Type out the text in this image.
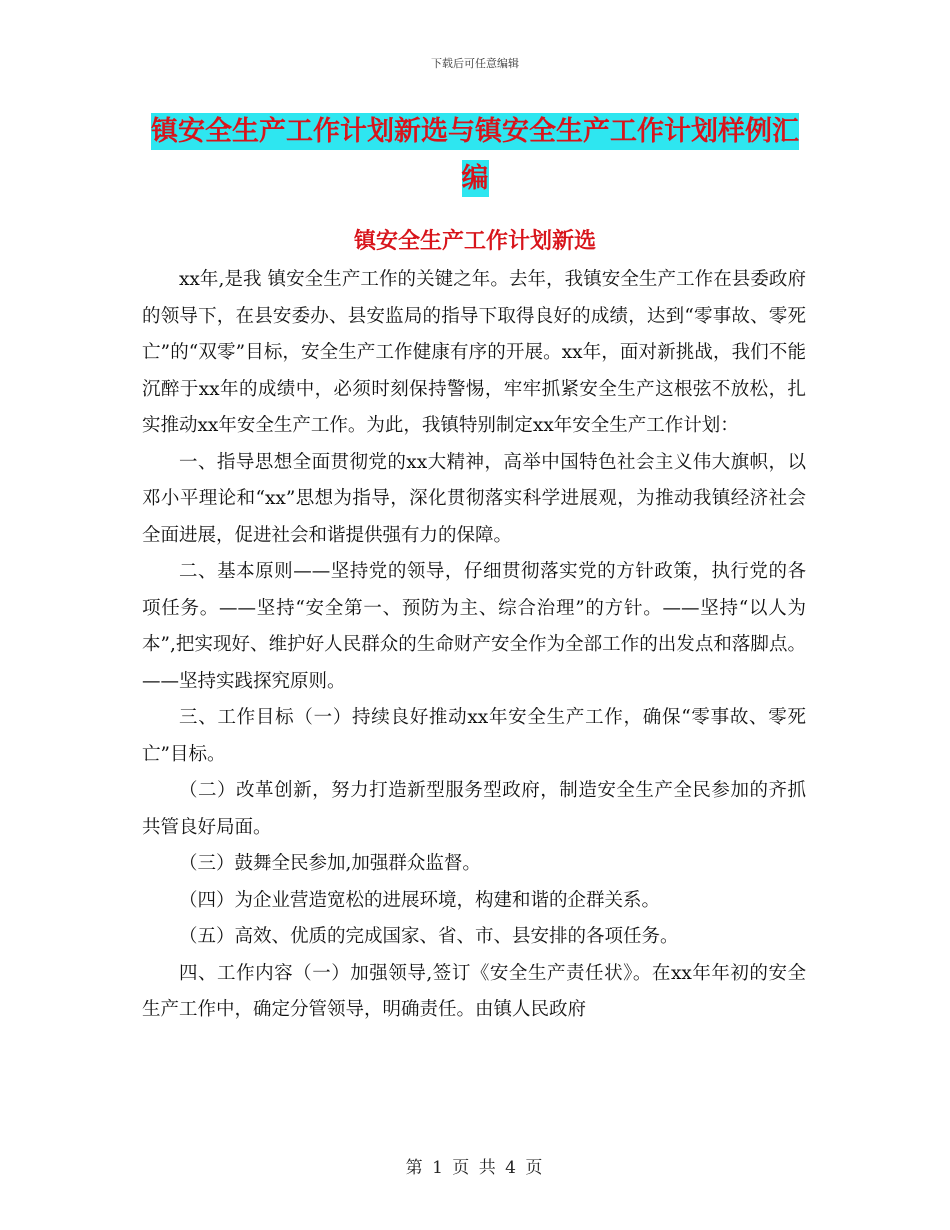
下载后可任意编辑
镇安全生产工作计划新选与镇安全生产工作计划样例汇编
镇安全生产工作计划新选

xx年,是我 镇安全生产工作的关键之年。去年，我镇安全生产工作在县委政府的领导下，在县安委办、县安监局的指导下取得良好的成绩，达到“零事故、零死亡”的“双零”目标，安全生产工作健康有序的开展。xx年，面对新挑战，我们不能沉醉于xx年的成绩中，必须时刻保持警惕，牢牢抓紧安全生产这根弦不放松，扎实推动xx年安全生产工作。为此，我镇特别制定xx年安全生产工作计划：

一、指导思想全面贯彻党的xx大精神，高举中国特色社会主义伟大旗帜，以邓小平理论和“xx”思想为指导，深化贯彻落实科学进展观，为推动我镇经济社会全面进展，促进社会和谐提供强有力的保障。

二、基本原则——坚持党的领导，仔细贯彻落实党的方针政策，执行党的各项任务。——坚持“安全第一、预防为主、综合治理”的方针。——坚持“以人为本”,把实现好、维护好人民群众的生命财产安全作为全部工作的出发点和落脚点。——坚持实践探究原则。

三、工作目标（一）持续良好推动xx年安全生产工作，确保“零事故、零死亡”目标。

（二）改革创新，努力打造新型服务型政府，制造安全生产全民参加的齐抓共管良好局面。

（三）鼓舞全民参加,加强群众监督。

（四）为企业营造宽松的进展环境，构建和谐的企群关系。

（五）高效、优质的完成国家、省、市、县安排的各项任务。

四、工作内容（一）加强领导,签订《安全生产责任状》。在xx年年初的安全生产工作中，确定分管领导，明确责任。由镇人民政府

第 1 页 共 4 页
